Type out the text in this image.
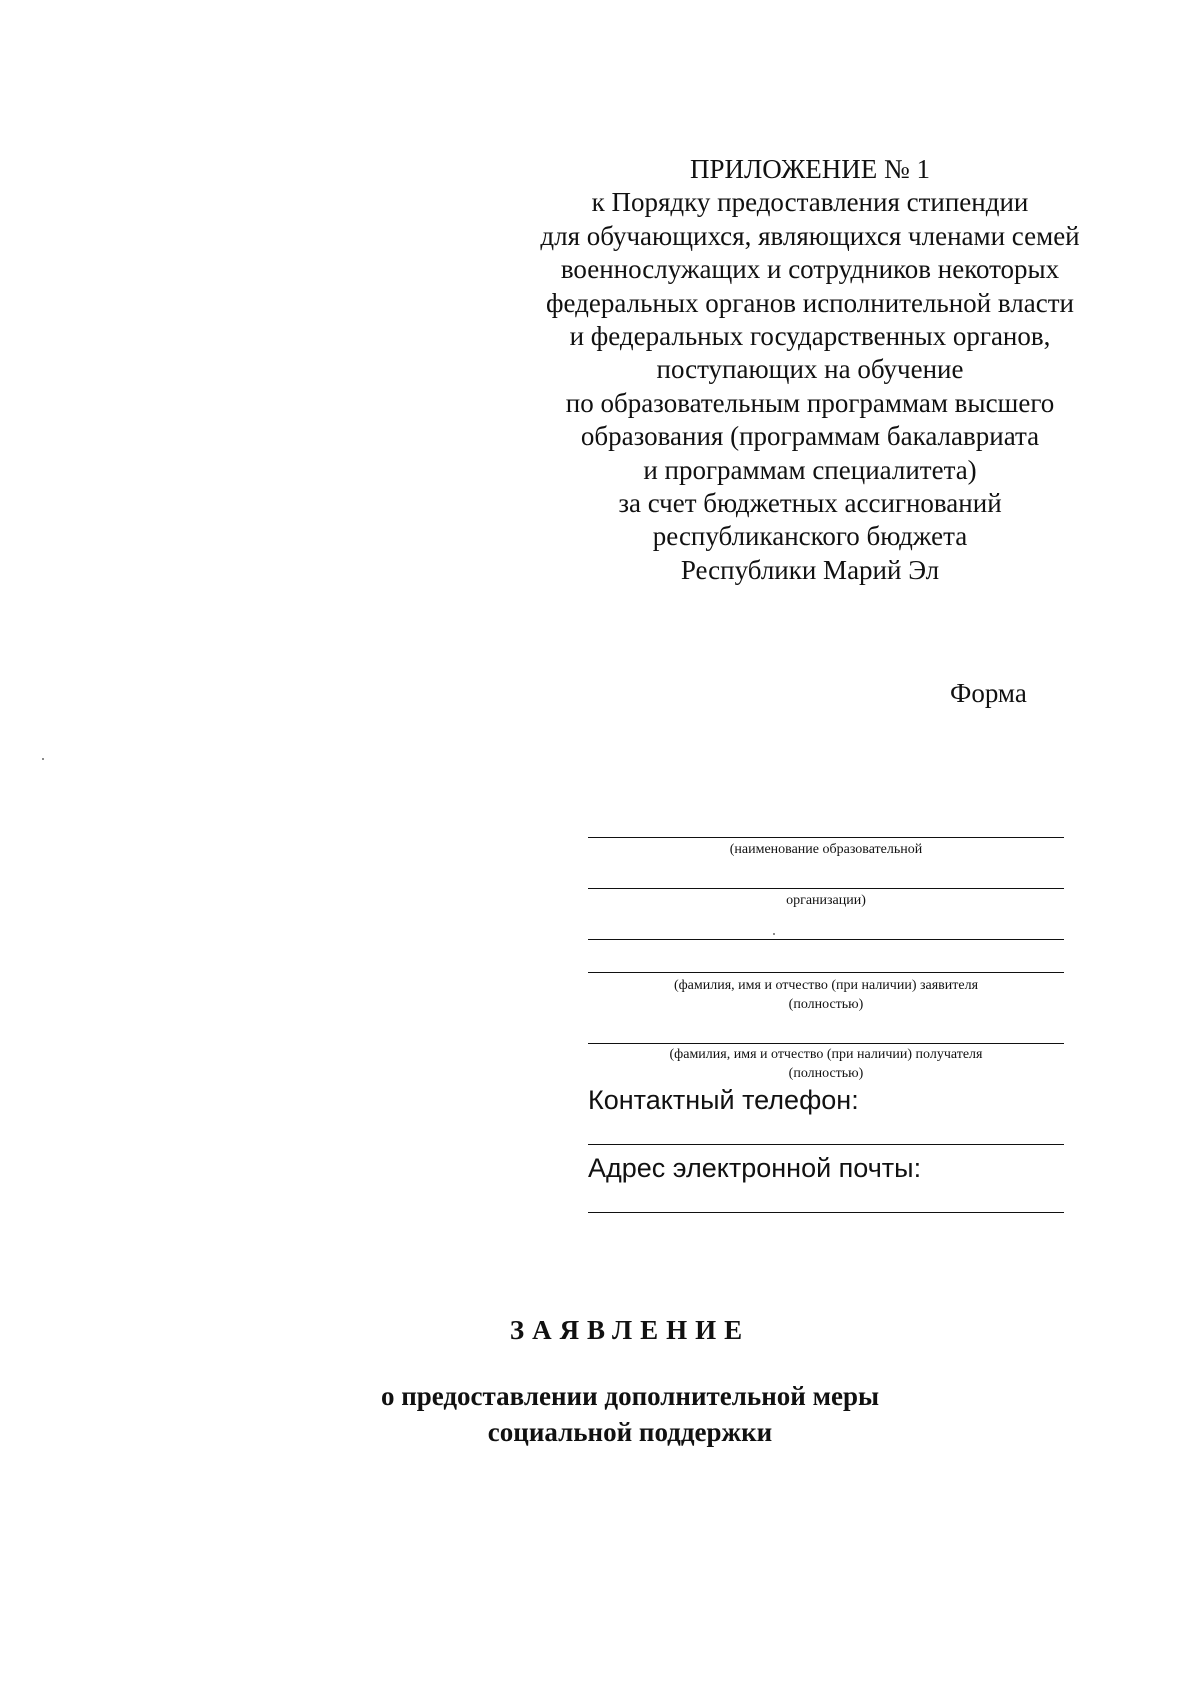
ПРИЛОЖЕНИЕ № 1
к Порядку предоставления стипендии
для обучающихся, являющихся членами семей
военнослужащих и сотрудников некоторых
федеральных органов исполнительной власти
и федеральных государственных органов,
поступающих на обучение
по образовательным программам высшего
образования (программам бакалавриата
и программам специалитета)
за счет бюджетных ассигнований
республиканского бюджета
Республики Марий Эл
Форма
(наименование образовательной
организации)
(фамилия, имя и отчество (при наличии) заявителя
(полностью)
(фамилия, имя и отчество (при наличии) получателя
(полностью)
Контактный телефон:
Адрес электронной почты:
ЗАЯВЛЕНИЕ
о предоставлении дополнительной меры
социальной поддержки
